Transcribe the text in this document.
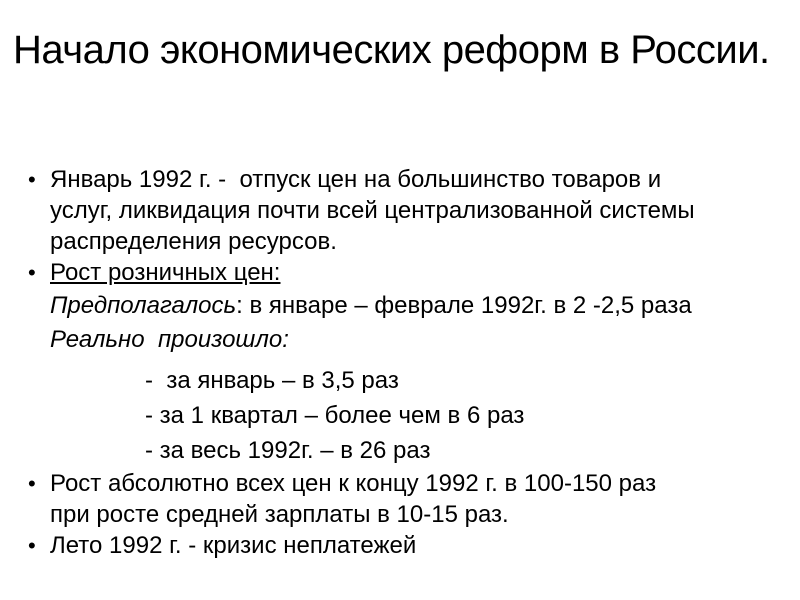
Начало экономических реформ в России.
• Январь 1992 г. -  отпуск цен на большинство товаров и
услуг, ликвидация почти всей централизованной системы
распределения ресурсов.
• Рост розничных цен:
Предполагалось: в январе – феврале 1992г. в 2 -2,5 раза
Реально  произошло:
-  за январь – в 3,5 раз
- за 1 квартал – более чем в 6 раз
- за весь 1992г. – в 26 раз
• Рост абсолютно всех цен к концу 1992 г. в 100-150 раз
при росте средней зарплаты в 10-15 раз.
• Лето 1992 г. - кризис неплатежей
